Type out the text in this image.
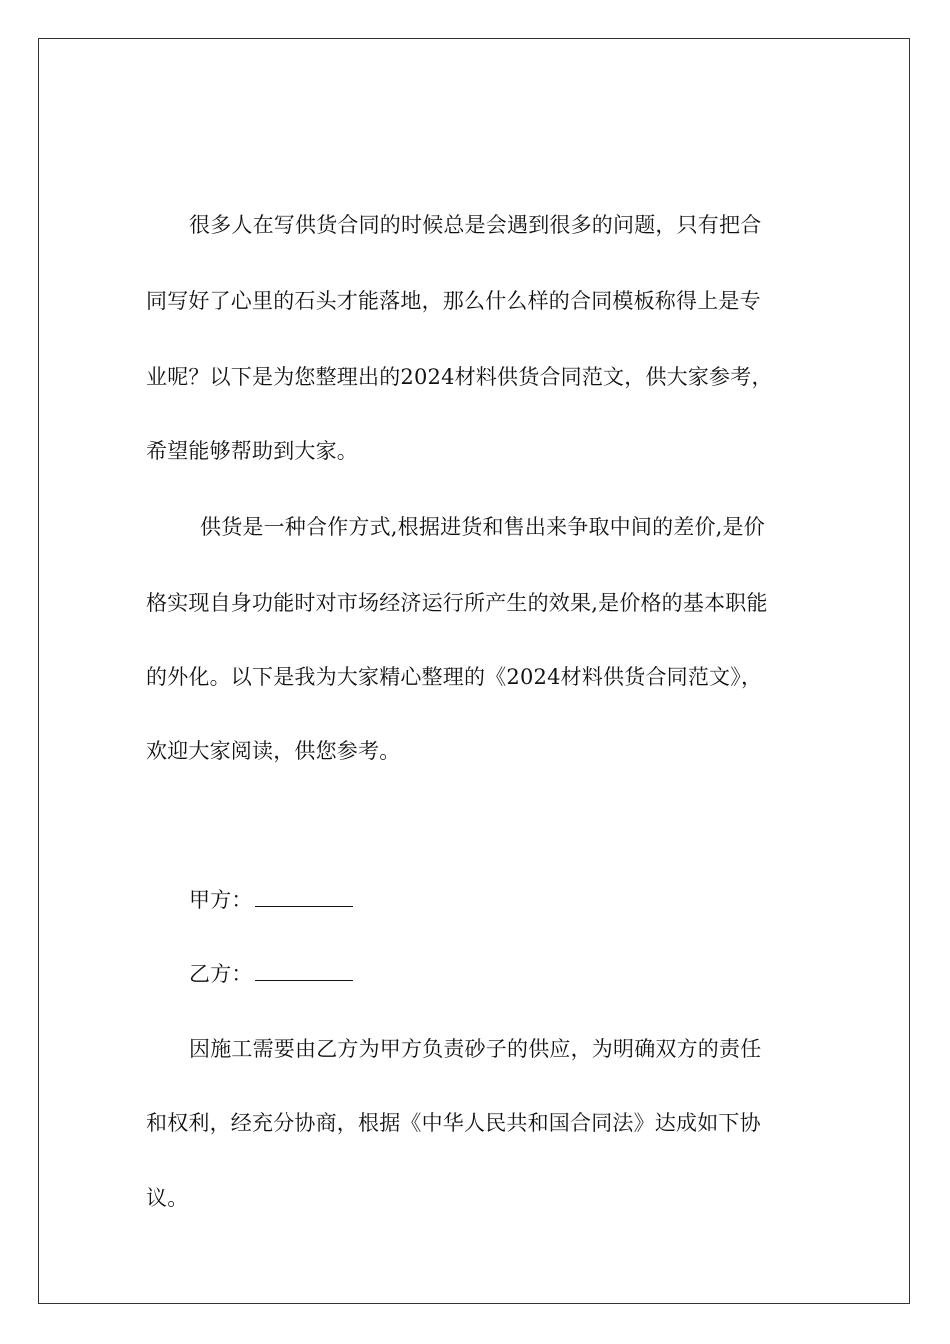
很多人在写供货合同的时候总是会遇到很多的问题，只有把合
同写好了心里的石头才能落地，那么什么样的合同模板称得上是专
业呢？以下是为您整理出的2024材料供货合同范文，供大家参考，
希望能够帮助到大家。
供货是一种合作方式,根据进货和售出来争取中间的差价,是价
格实现自身功能时对市场经济运行所产生的效果,是价格的基本职能
的外化。以下是我为大家精心整理的《2024材料供货合同范文》，
欢迎大家阅读，供您参考。
甲方：
乙方：
因施工需要由乙方为甲方负责砂子的供应，为明确双方的责任
和权利，经充分协商，根据《中华人民共和国合同法》达成如下协
议。
